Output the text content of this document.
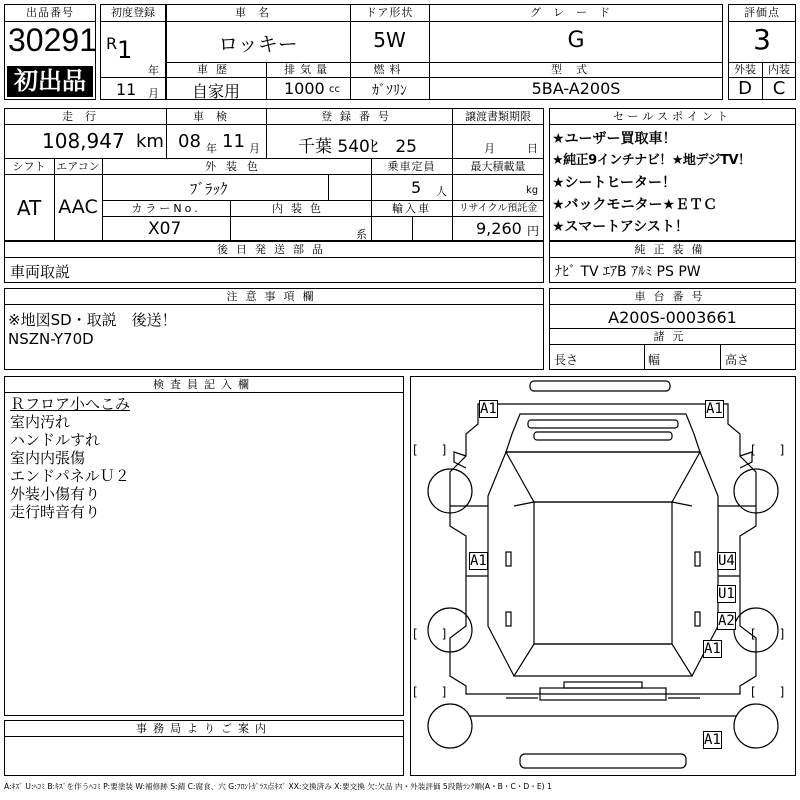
出品番号
30291
初出品
初度登録
R 1
年
11 月
車名
ロッキー
ドア形状
5W
グレード
G
車歴
自家用
排気量
1000 cc
燃料
ｶﾞｿﾘﾝ
型式
5BA-A200S
評価点
3
外装	内装
D	C
走行
108,947 km
車検
08 年 11 月
登録番号
千葉 540ﾋ　25
譲渡書類期限
月	日
シフト
AT
エアコン
AAC
外装色
ﾌﾞﾗｯｸ
乗車定員
5 人
最大積載量
kg
カラーNo.
X07
内装色
系
輸入車	リサイクル預託金
9,260 円
セールスポイント
★ユーザー買取車！
★純正9インチナビ！★地デジTV！
★シートヒーター！
★バックモニター★ＥＴＣ
★スマートアシスト！
後日発送部品
車両取説
純正装備
ﾅﾋﾞ TV ｴｱB ｱﾙﾐ PS PW
注意事項欄
※地図SD・取説　後送！
NSZN-Y70D
車台番号
A200S-0003661
諸元
長さ	幅	高さ
検査員記入欄
Ｒフロア小へこみ
室内汚れ
ハンドルすれ
室内内張傷
エンドパネルＵ２
外装小傷有り
走行時音有り
事務局よりご案内
A1	A1
A1	U4
U1
A2
A1
A1
[　　]	[　　]
[　　]	[　　]
[　　]	[　　]
A:ｷｽﾞ U:ﾍｺﾐ B:ｷｽﾞを伴うﾍｺﾐ P:要塗装 W:補修跡 S:錆 C:腐食、穴 G:ﾌﾛﾝﾄｶﾞﾗｽ点ｷｽﾞ XX:交換済み X:要交換 欠:欠品 内・外装評価 5段階ﾗﾝｸ順(A・B・C・D・E) 1
